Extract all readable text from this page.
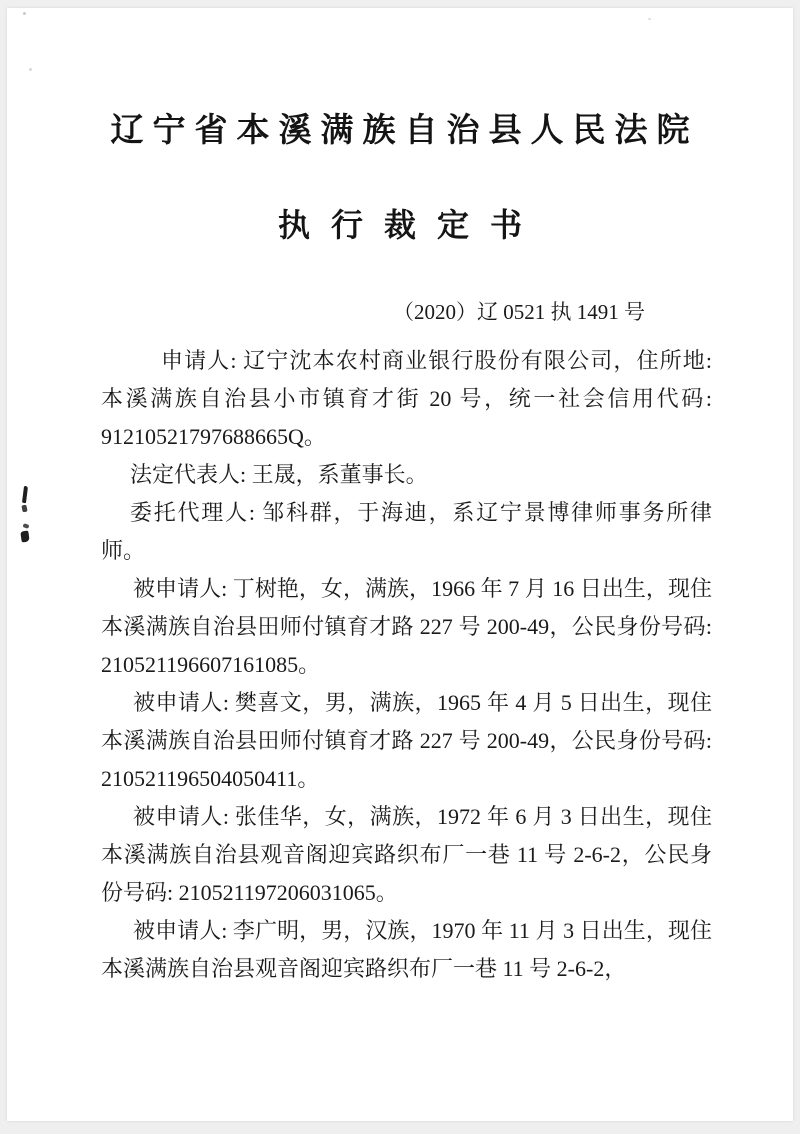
辽宁省本溪满族自治县人民法院
执行裁定书
（2020）辽 0521 执 1491 号

申请人: 辽宁沈本农村商业银行股份有限公司，住所地: 本溪满族自治县小市镇育才街 20 号，统一社会信用代码: 91210521797688665Q。

法定代表人: 王晟，系董事长。

委托代理人: 邹科群，于海迪，系辽宁景博律师事务所律师。

被申请人: 丁树艳，女，满族，1966 年 7 月 16 日出生，现住本溪满族自治县田师付镇育才路 227 号 200-49，公民身份号码: 210521196607161085。

被申请人: 樊喜文，男，满族，1965 年 4 月 5 日出生，现住本溪满族自治县田师付镇育才路 227 号 200-49，公民身份号码: 210521196504050411。

被申请人: 张佳华，女，满族，1972 年 6 月 3 日出生，现住本溪满族自治县观音阁迎宾路织布厂一巷 11 号 2-6-2，公民身份号码: 210521197206031065。

被申请人: 李广明，男，汉族，1970 年 11 月 3 日出生，现住本溪满族自治县观音阁迎宾路织布厂一巷 11 号 2-6-2，
